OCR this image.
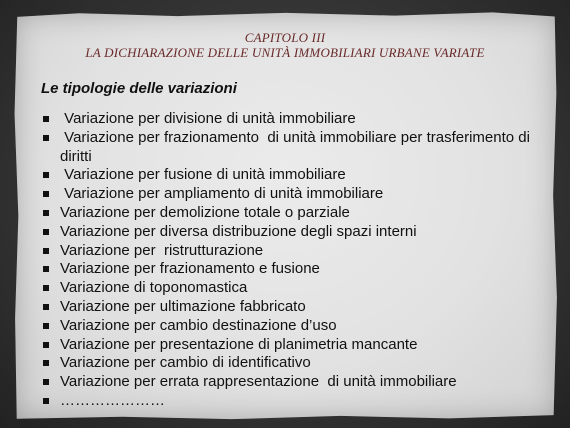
CAPITOLO III
LA DICHIARAZIONE DELLE UNITÀ IMMOBILIARI URBANE VARIATE
Le tipologie delle variazioni
Variazione per divisione di unità immobiliare
Variazione per frazionamento  di unità immobiliare per trasferimento di diritti
Variazione per fusione di unità immobiliare
Variazione per ampliamento di unità immobiliare
Variazione per demolizione totale o parziale
Variazione per diversa distribuzione degli spazi interni
Variazione per  ristrutturazione
Variazione per frazionamento e fusione
Variazione di toponomastica
Variazione per ultimazione fabbricato
Variazione per cambio destinazione d’uso
Variazione per presentazione di planimetria mancante
Variazione per cambio di identificativo
Variazione per errata rappresentazione  di unità immobiliare
…………………
